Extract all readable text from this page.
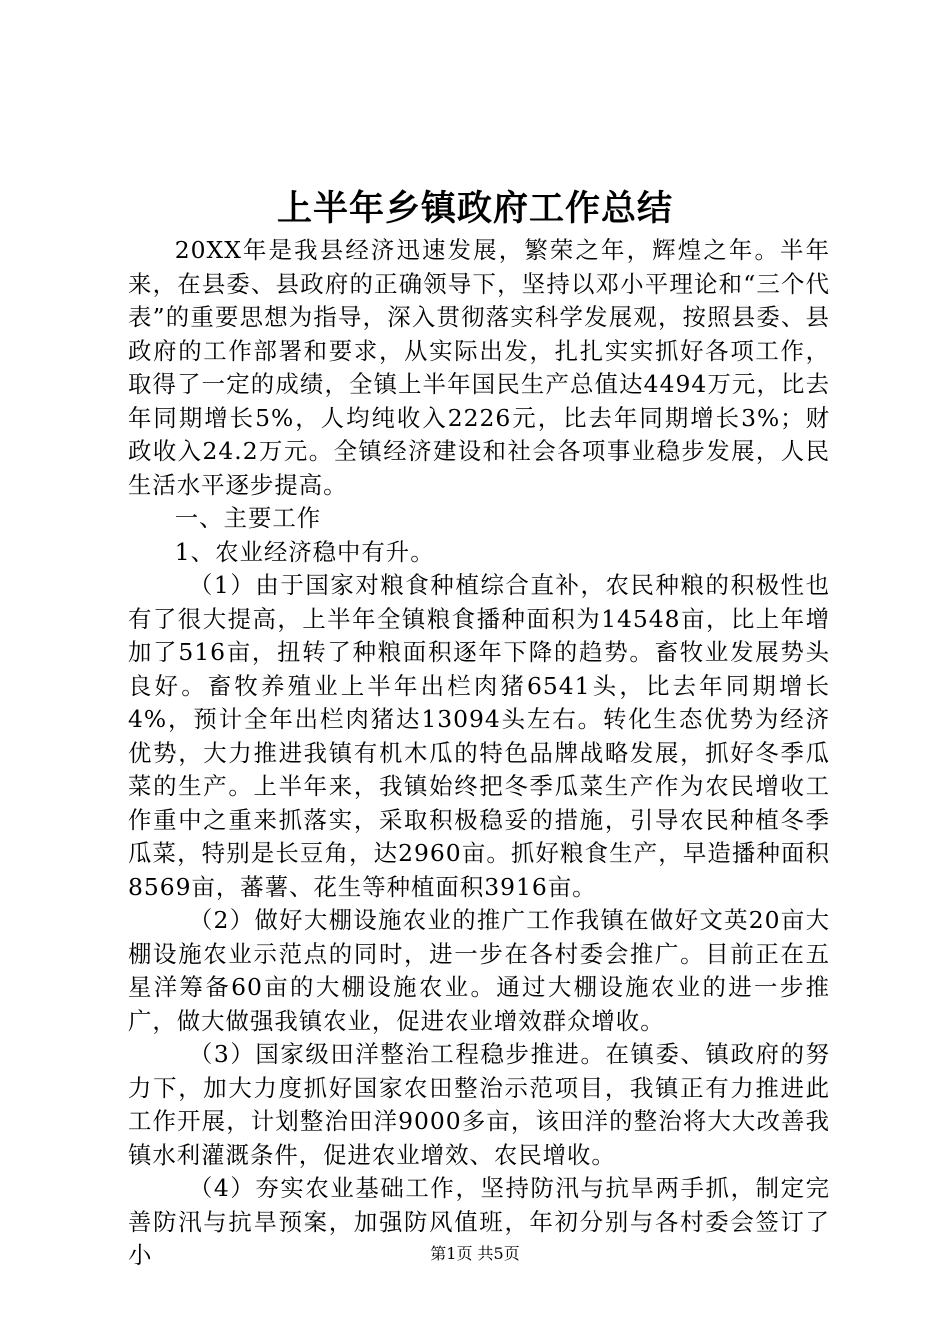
上半年乡镇政府工作总结

20XX年是我县经济迅速发展，繁荣之年，辉煌之年。半年来，在县委、县政府的正确领导下，坚持以邓小平理论和“三个代表”的重要思想为指导，深入贯彻落实科学发展观，按照县委、县政府的工作部署和要求，从实际出发，扎扎实实抓好各项工作，取得了一定的成绩，全镇上半年国民生产总值达4494万元，比去年同期增长5%，人均纯收入2226元，比去年同期增长3%；财政收入24.2万元。全镇经济建设和社会各项事业稳步发展，人民生活水平逐步提高。

一、主要工作

1、农业经济稳中有升。

（1）由于国家对粮食种植综合直补，农民种粮的积极性也有了很大提高，上半年全镇粮食播种面积为14548亩，比上年增加了516亩，扭转了种粮面积逐年下降的趋势。畜牧业发展势头良好。畜牧养殖业上半年出栏肉猪6541头，比去年同期增长4%，预计全年出栏肉猪达13094头左右。转化生态优势为经济优势，大力推进我镇有机木瓜的特色品牌战略发展，抓好冬季瓜菜的生产。上半年来，我镇始终把冬季瓜菜生产作为农民增收工作重中之重来抓落实，采取积极稳妥的措施，引导农民种植冬季瓜菜，特别是长豆角，达2960亩。抓好粮食生产，早造播种面积8569亩，蕃薯、花生等种植面积3916亩。

（2）做好大棚设施农业的推广工作我镇在做好文英20亩大棚设施农业示范点的同时，进一步在各村委会推广。目前正在五星洋筹备60亩的大棚设施农业。通过大棚设施农业的进一步推广，做大做强我镇农业，促进农业增效群众增收。

（3）国家级田洋整治工程稳步推进。在镇委、镇政府的努力下，加大力度抓好国家农田整治示范项目，我镇正有力推进此工作开展，计划整治田洋9000多亩，该田洋的整治将大大改善我镇水利灌溉条件，促进农业增效、农民增收。

（4）夯实农业基础工作，坚持防汛与抗旱两手抓，制定完善防汛与抗旱预案，加强防风值班，年初分别与各村委会签订了小	第1页 共5页
